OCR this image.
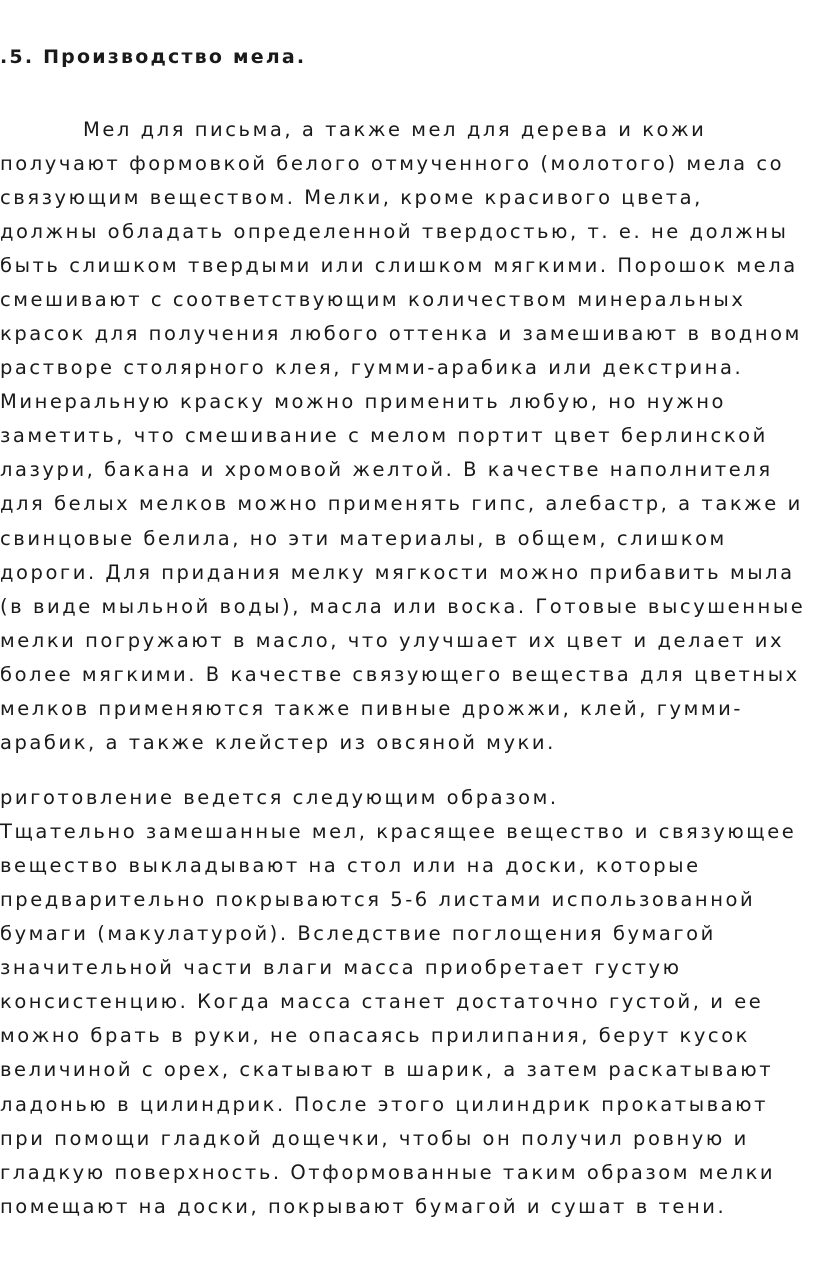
.5. Производство мела.
Мел для письма, а также мел для дерева и кожи
получают формовкой белого отмученного (молотого) мела со
связующим веществом. Мелки, кроме красивого цвета,
должны обладать определенной твердостью, т. е. не должны
быть слишком твердыми или слишком мягкими. Порошок мела
смешивают с соответствующим количеством минеральных
красок для получения любого оттенка и замешивают в водном
растворе столярного клея, гумми-арабика или декстрина.
Минеральную краску можно применить любую, но нужно
заметить, что смешивание с мелом портит цвет берлинской
лазури, бакана и хромовой желтой. В качестве наполнителя
для белых мелков можно применять гипс, алебастр, а также и
свинцовые белила, но эти материалы, в общем, слишком
дороги. Для придания мелку мягкости можно прибавить мыла
(в виде мыльной воды), масла или воска. Готовые высушенные
мелки погружают в масло, что улучшает их цвет и делает их
более мягкими. В качестве связующего вещества для цветных
мелков применяются также пивные дрожжи, клей, гумми-
арабик, а также клейстер из овсяной муки.
риготовление ведется следующим образом.
Тщательно замешанные мел, красящее вещество и связующее
вещество выкладывают на стол или на доски, которые
предварительно покрываются 5-6 листами использованной
бумаги (макулатурой). Вследствие поглощения бумагой
значительной части влаги масса приобретает густую
консистенцию. Когда масса станет достаточно густой, и ее
можно брать в руки, не опасаясь прилипания, берут кусок
величиной с орех, скатывают в шарик, а затем раскатывают
ладонью в цилиндрик. После этого цилиндрик прокатывают
при помощи гладкой дощечки, чтобы он получил ровную и
гладкую поверхность. Отформованные таким образом мелки
помещают на доски, покрывают бумагой и сушат в тени.
